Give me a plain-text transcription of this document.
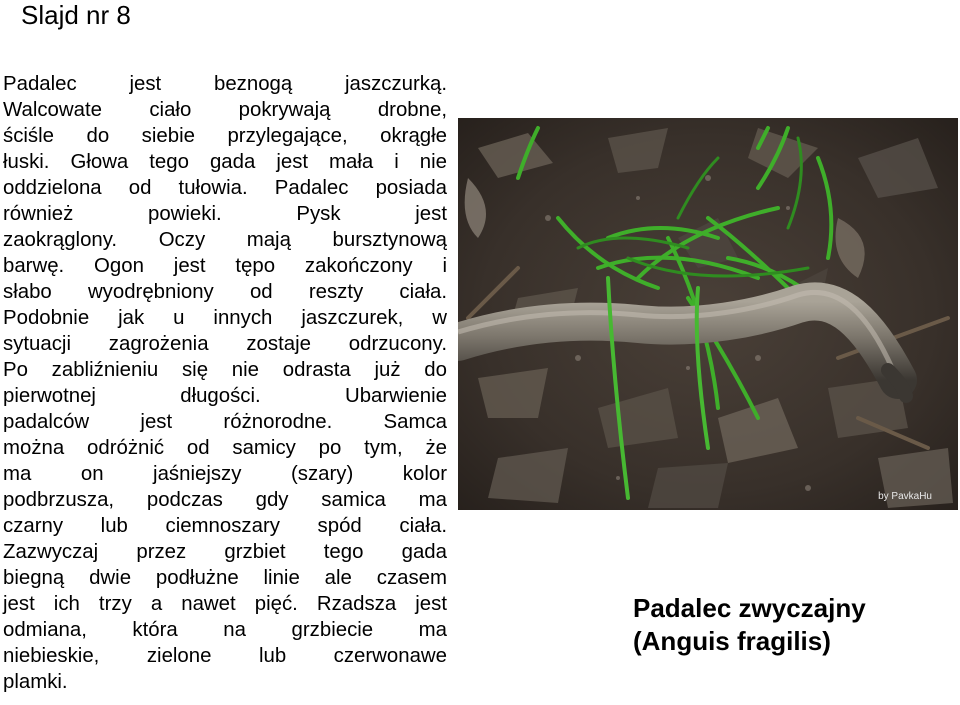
Slajd nr 8
Padalec jest beznogą jaszczurką.
Walcowate ciało pokrywają drobne,
ściśle do siebie przylegające, okrągłe
łuski. Głowa tego gada jest mała i nie
oddzielona od tułowia. Padalec posiada
również powieki. Pysk jest
zaokrąglony. Oczy mają bursztynową
barwę. Ogon jest tępo zakończony i
słabo wyodrębniony od reszty ciała.
Podobnie jak u innych jaszczurek, w
sytuacji zagrożenia zostaje odrzucony.
Po zabliźnieniu się nie odrasta już do
pierwotnej długości. Ubarwienie
padalców jest różnorodne. Samca
można odróżnić od samicy po tym, że
ma on jaśniejszy (szary) kolor
podbrzusza, podczas gdy samica ma
czarny lub ciemnoszary spód ciała.
Zazwyczaj przez grzbiet tego gada
biegną dwie podłużne linie ale czasem
jest ich trzy a nawet pięć. Rzadsza jest
odmiana, która na grzbiecie ma
niebieskie, zielone lub czerwonawe
plamki.
by PavkaHu
Padalec zwyczajny
(Anguis fragilis)
